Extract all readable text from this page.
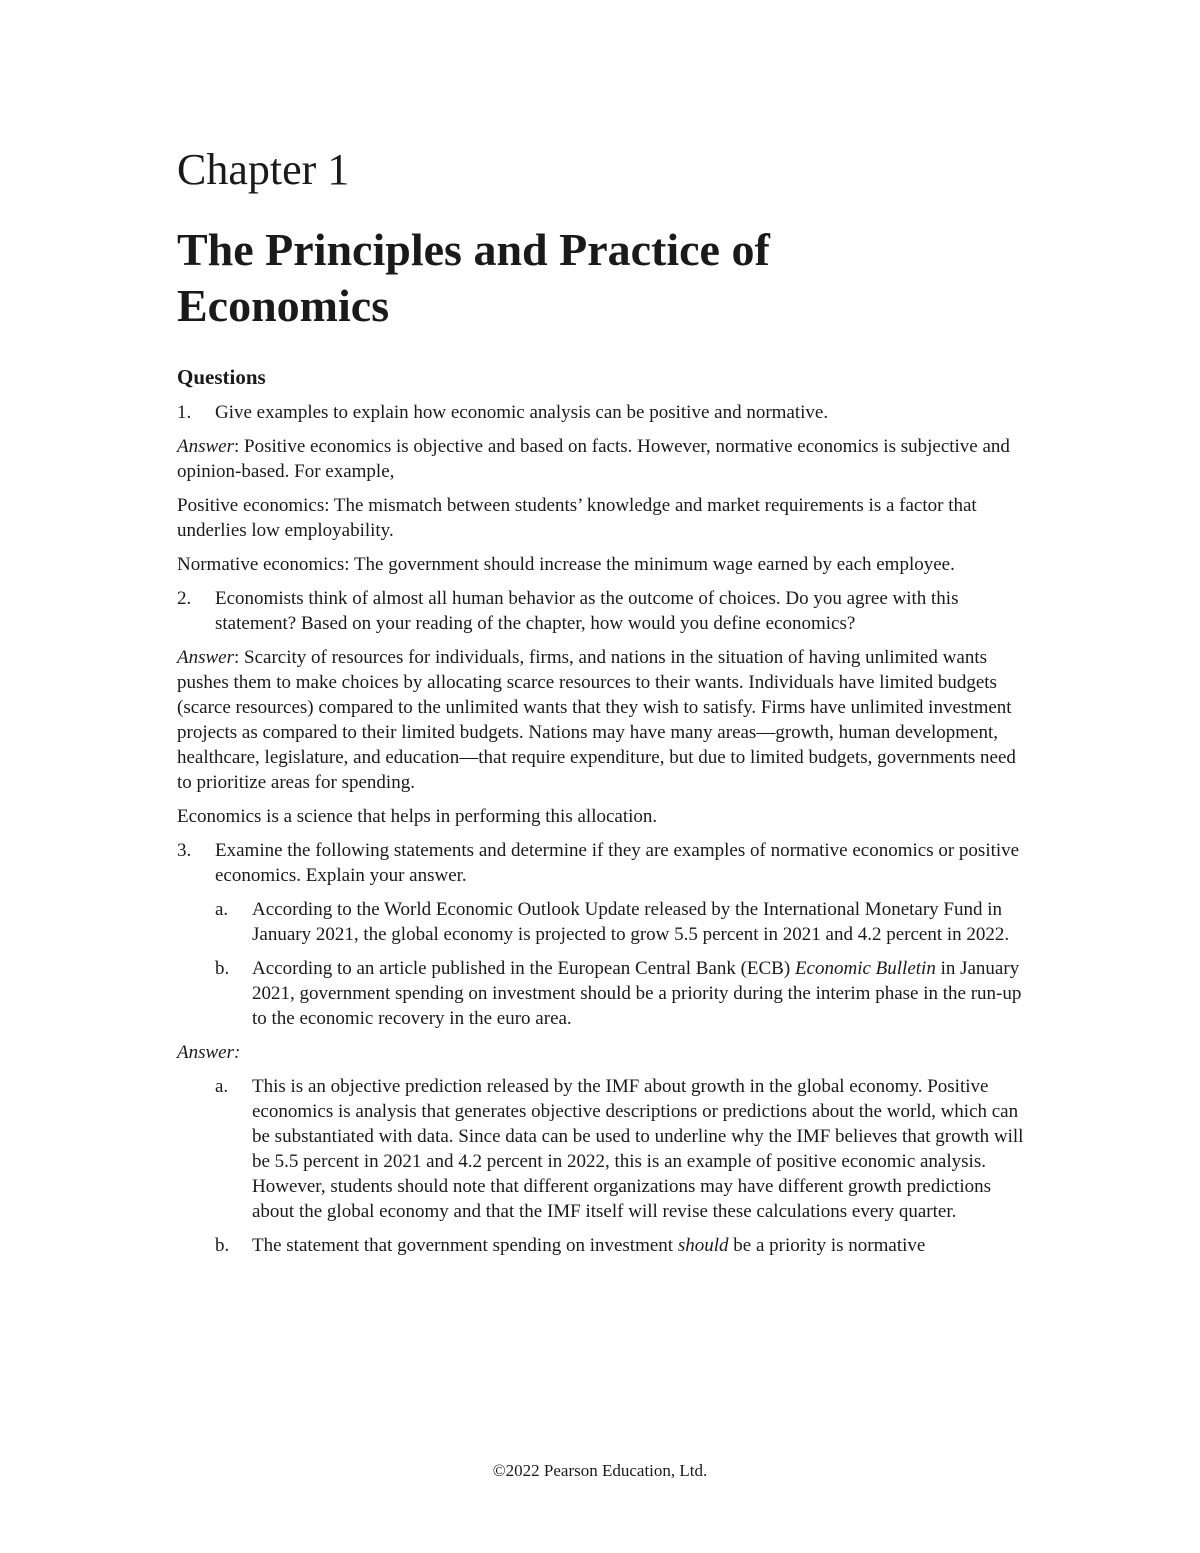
Chapter 1
The Principles and Practice of
Economics
Questions
1.	Give examples to explain how economic analysis can be positive and normative.

Answer: Positive economics is objective and based on facts. However, normative economics is subjective and opinion-based. For example,

Positive economics: The mismatch between students’ knowledge and market requirements is a factor that underlies low employability.

Normative economics: The government should increase the minimum wage earned by each employee.

2.	Economists think of almost all human behavior as the outcome of choices. Do you agree with this statement? Based on your reading of the chapter, how would you define economics?

Answer: Scarcity of resources for individuals, firms, and nations in the situation of having unlimited wants pushes them to make choices by allocating scarce resources to their wants. Individuals have limited budgets (scarce resources) compared to the unlimited wants that they wish to satisfy. Firms have unlimited investment projects as compared to their limited budgets. Nations may have many areas—growth, human development, healthcare, legislature, and education—that require expenditure, but due to limited budgets, governments need to prioritize areas for spending.

Economics is a science that helps in performing this allocation.

3.	Examine the following statements and determine if they are examples of normative economics or positive economics. Explain your answer.
a.	According to the World Economic Outlook Update released by the International Monetary Fund in January 2021, the global economy is projected to grow 5.5 percent in 2021 and 4.2 percent in 2022.
b.	According to an article published in the European Central Bank (ECB) Economic Bulletin in January 2021, government spending on investment should be a priority during the interim phase in the run-up to the economic recovery in the euro area.

Answer:

a.	This is an objective prediction released by the IMF about growth in the global economy. Positive economics is analysis that generates objective descriptions or predictions about the world, which can be substantiated with data. Since data can be used to underline why the IMF believes that growth will be 5.5 percent in 2021 and 4.2 percent in 2022, this is an example of positive economic analysis. However, students should note that different organizations may have different growth predictions about the global economy and that the IMF itself will revise these calculations every quarter.
b.	The statement that government spending on investment should be a priority is normative
©2022 Pearson Education, Ltd.
